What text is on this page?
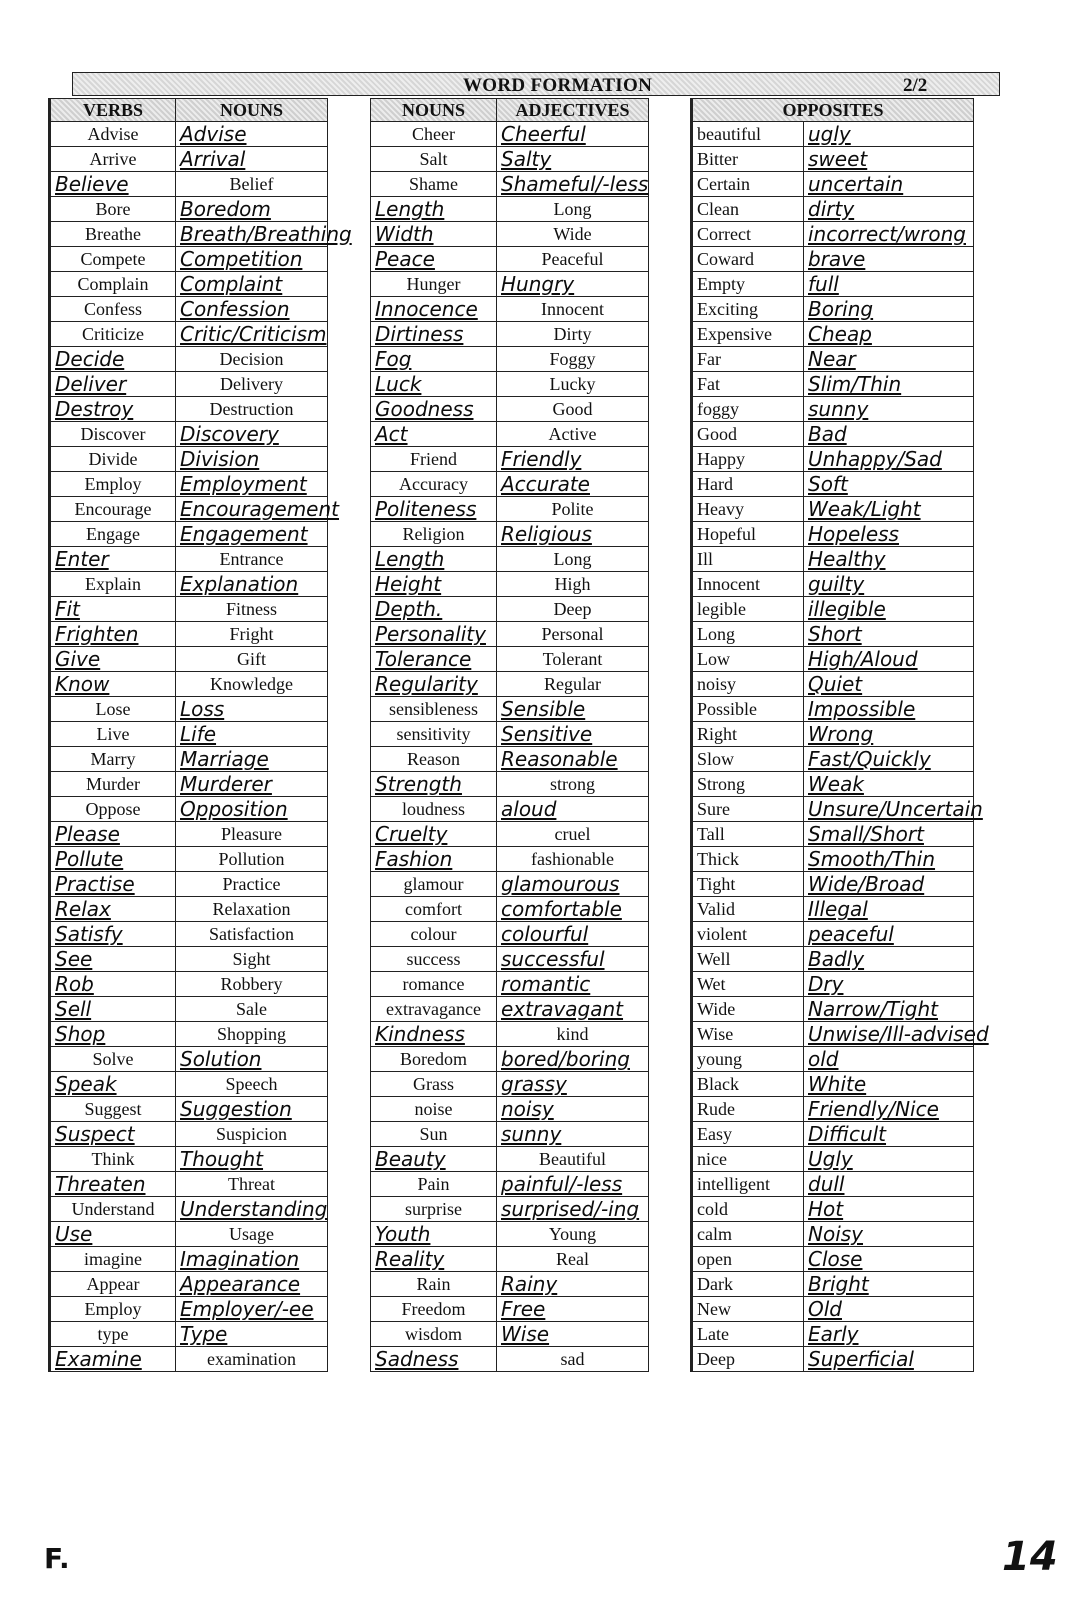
WORD FORMATION	2/2
VERBS	NOUNS
Advise	Advise
Arrive	Arrival
Believe	Belief
Bore	Boredom
Breathe	Breath/Breathing
Compete	Competition
Complain	Complaint
Confess	Confession
Criticize	Critic/Criticism
Decide	Decision
Deliver	Delivery
Destroy	Destruction
Discover	Discovery
Divide	Division
Employ	Employment
Encourage	Encouragement
Engage	Engagement
Enter	Entrance
Explain	Explanation
Fit	Fitness
Frighten	Fright
Give	Gift
Know	Knowledge
Lose	Loss
Live	Life
Marry	Marriage
Murder	Murderer
Oppose	Opposition
Please	Pleasure
Pollute	Pollution
Practise	Practice
Relax	Relaxation
Satisfy	Satisfaction
See	Sight
Rob	Robbery
Sell	Sale
Shop	Shopping
Solve	Solution
Speak	Speech
Suggest	Suggestion
Suspect	Suspicion
Think	Thought
Threaten	Threat
Understand	Understanding
Use	Usage
imagine	Imagination
Appear	Appearance
Employ	Employer/-ee
type	Type
Examine	examination
NOUNS	ADJECTIVES
Cheer	Cheerful
Salt	Salty
Shame	Shameful/-less
Length	Long
Width	Wide
Peace	Peaceful
Hunger	Hungry
Innocence	Innocent
Dirtiness	Dirty
Fog	Foggy
Luck	Lucky
Goodness	Good
Act	Active
Friend	Friendly
Accuracy	Accurate
Politeness	Polite
Religion	Religious
Length	Long
Height	High
Depth.	Deep
Personality	Personal
Tolerance	Tolerant
Regularity	Regular
sensibleness	Sensible
sensitivity	Sensitive
Reason	Reasonable
Strength	strong
loudness	aloud
Cruelty	cruel
Fashion	fashionable
glamour	glamourous
comfort	comfortable
colour	colourful
success	successful
romance	romantic
extravagance	extravagant
Kindness	kind
Boredom	bored/boring
Grass	grassy
noise	noisy
Sun	sunny
Beauty	Beautiful
Pain	painful/-less
surprise	surprised/-ing
Youth	Young
Reality	Real
Rain	Rainy
Freedom	Free
wisdom	Wise
Sadness	sad
OPPOSITES	
beautiful	ugly
Bitter	sweet
Certain	uncertain
Clean	dirty
Correct	incorrect/wrong
Coward	brave
Empty	full
Exciting	Boring
Expensive	Cheap
Far	Near
Fat	Slim/Thin
foggy	sunny
Good	Bad
Happy	Unhappy/Sad
Hard	Soft
Heavy	Weak/Light
Hopeful	Hopeless
Ill	Healthy
Innocent	guilty
legible	illegible
Long	Short
Low	High/Aloud
noisy	Quiet
Possible	Impossible
Right	Wrong
Slow	Fast/Quickly
Strong	Weak
Sure	Unsure/Uncertain
Tall	Small/Short
Thick	Smooth/Thin
Tight	Wide/Broad
Valid	Illegal
violent	peaceful
Well	Badly
Wet	Dry
Wide	Narrow/Tight
Wise	Unwise/Ill-advised
young	old
Black	White
Rude	Friendly/Nice
Easy	Difficult
nice	Ugly
intelligent	dull
cold	Hot
calm	Noisy
open	Close
Dark	Bright
New	Old
Late	Early
Deep	Superficial
F.	14
